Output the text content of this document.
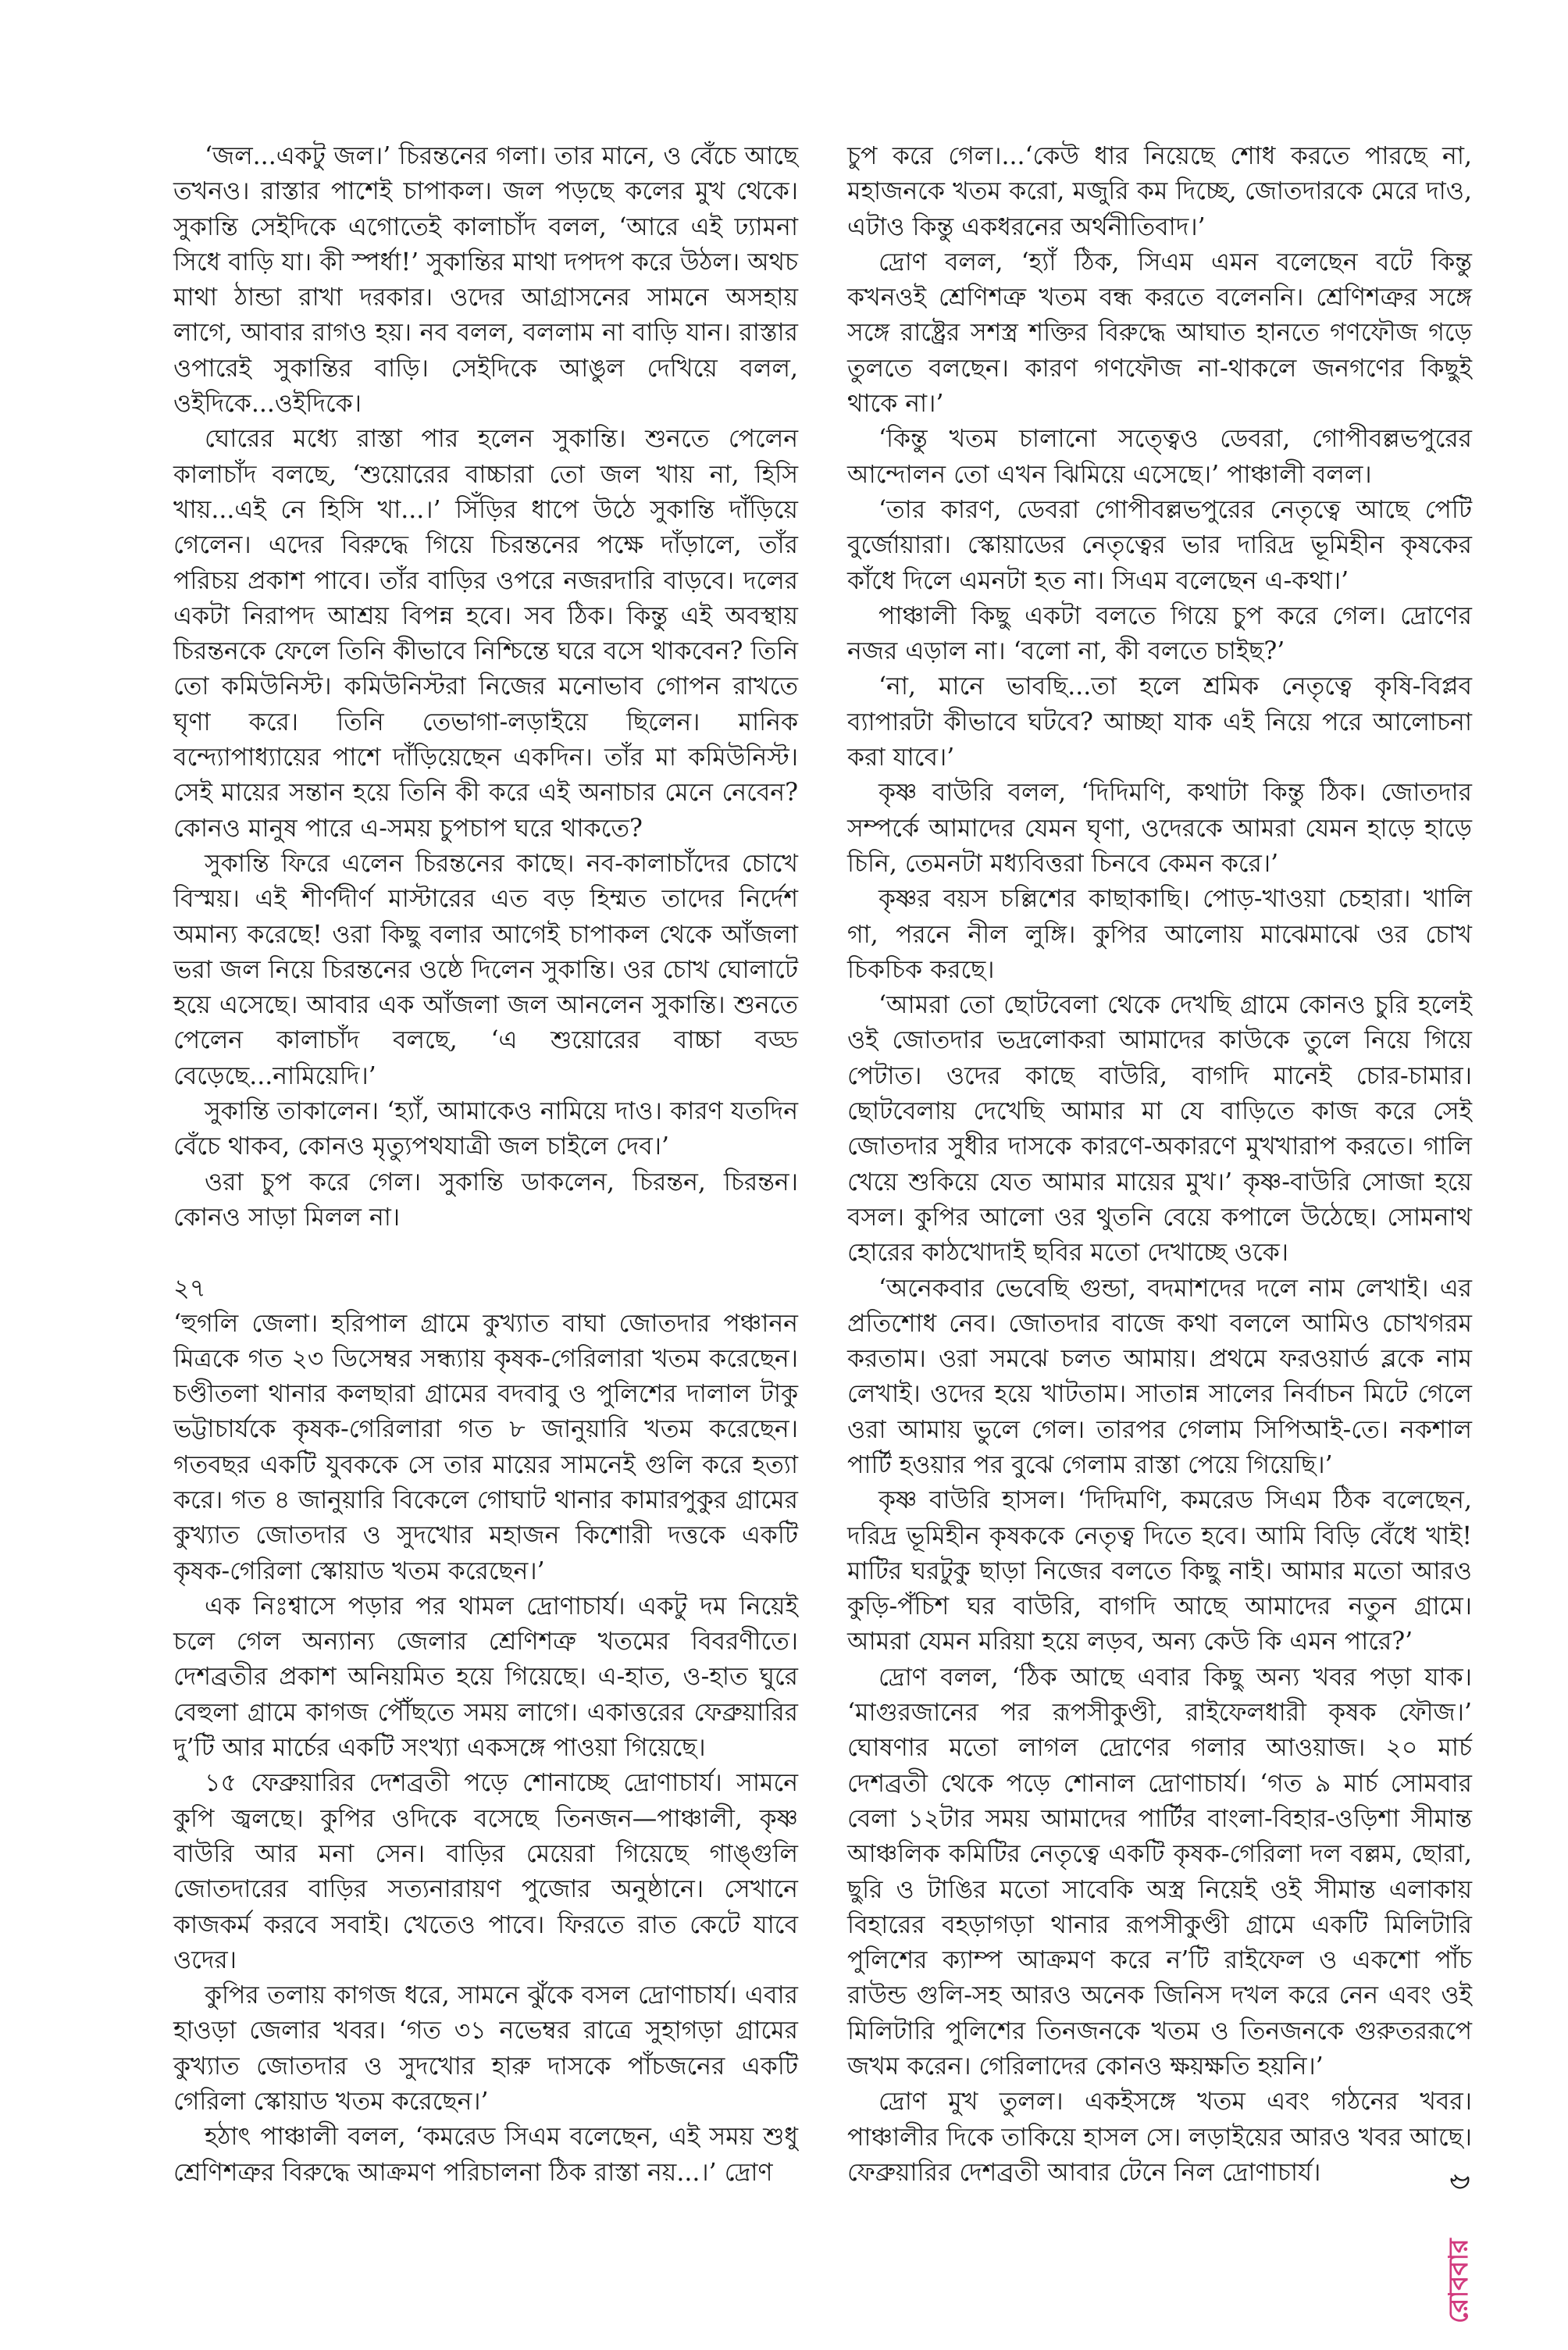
‘জল...একটু জল।’ চিরন্তনের গলা। তার মানে, ও বেঁচে আছে তখনও। রাস্তার পাশেই চাপাকল। জল পড়ছে কলের মুখ থেকে। সুকান্তি সেইদিকে এগোতেই কালাচাঁদ বলল, ‘আরে এই ঢ্যামনা সিধে বাড়ি যা। কী স্পর্ধা!’ সুকান্তির মাথা দপদপ করে উঠল। অথচ মাথা ঠান্ডা রাখা দরকার। ওদের আগ্রাসনের সামনে অসহায় লাগে, আবার রাগও হয়। নব বলল, বললাম না বাড়ি যান। রাস্তার ওপারেই সুকান্তির বাড়ি। সেইদিকে আঙুল দেখিয়ে বলল, ওইদিকে...ওইদিকে।

ঘোরের মধ্যে রাস্তা পার হলেন সুকান্তি। শুনতে পেলেন কালাচাঁদ বলছে, ‘শুয়োরের বাচ্চারা তো জল খায় না, হিসি খায়...এই নে হিসি খা...।’ সিঁড়ির ধাপে উঠে সুকান্তি দাঁড়িয়ে গেলেন। এদের বিরুদ্ধে গিয়ে চিরন্তনের পক্ষে দাঁড়ালে, তাঁর পরিচয় প্রকাশ পাবে। তাঁর বাড়ির ওপরে নজরদারি বাড়বে। দলের একটা নিরাপদ আশ্রয় বিপন্ন হবে। সব ঠিক। কিন্তু এই অবস্থায় চিরন্তনকে ফেলে তিনি কীভাবে নিশ্চিন্তে ঘরে বসে থাকবেন? তিনি তো কমিউনিস্ট। কমিউনিস্টরা নিজের মনোভাব গোপন রাখতে ঘৃণা করে। তিনি তেভাগা-লড়াইয়ে ছিলেন। মানিক বন্দ্যোপাধ্যায়ের পাশে দাঁড়িয়েছেন একদিন। তাঁর মা কমিউনিস্ট। সেই মায়ের সন্তান হয়ে তিনি কী করে এই অনাচার মেনে নেবেন? কোনও মানুষ পারে এ-সময় চুপচাপ ঘরে থাকতে?

সুকান্তি ফিরে এলেন চিরন্তনের কাছে। নব-কালাচাঁদের চোখে বিস্ময়। এই শীর্ণদীর্ণ মাস্টারের এত বড় হিম্মত তাদের নির্দেশ অমান্য করেছে! ওরা কিছু বলার আগেই চাপাকল থেকে আঁজলা ভরা জল নিয়ে চিরন্তনের ওষ্ঠে দিলেন সুকান্তি। ওর চোখ ঘোলাটে হয়ে এসেছে। আবার এক আঁজলা জল আনলেন সুকান্তি। শুনতে পেলেন কালাচাঁদ বলছে, ‘এ শুয়োরের বাচ্চা বড্ড বেড়েছে...নামিয়েদি।’

সুকান্তি তাকালেন। ‘হ্যাঁ, আমাকেও নামিয়ে দাও। কারণ যতদিন বেঁচে থাকব, কোনও মৃত্যুপথযাত্রী জল চাইলে দেব।’

ওরা চুপ করে গেল। সুকান্তি ডাকলেন, চিরন্তন, চিরন্তন। কোনও সাড়া মিলল না।

২৭

‘হুগলি জেলা। হরিপাল গ্রামে কুখ্যাত বাঘা জোতদার পঞ্চানন মিত্রকে গত ২৩ ডিসেম্বর সন্ধ্যায় কৃষক-গেরিলারা খতম করেছেন। চণ্ডীতলা থানার কলছারা গ্রামের বদবাবু ও পুলিশের দালাল টাকু ভট্টাচার্যকে কৃষক-গেরিলারা গত ৮ জানুয়ারি খতম করেছেন। গতবছর একটি যুবককে সে তার মায়ের সামনেই গুলি করে হত্যা করে। গত ৪ জানুয়ারি বিকেলে গোঘাট থানার কামারপুকুর গ্রামের কুখ্যাত জোতদার ও সুদখোর মহাজন কিশোরী দত্তকে একটি কৃষক-গেরিলা স্কোয়াড খতম করেছেন।’

এক নিঃশ্বাসে পড়ার পর থামল দ্রোণাচার্য। একটু দম নিয়েই চলে গেল অন্যান্য জেলার শ্রেণিশত্রু খতমের বিবরণীতে। দেশব্রতীর প্রকাশ অনিয়মিত হয়ে গিয়েছে। এ-হাত, ও-হাত ঘুরে বেহুলা গ্রামে কাগজ পৌঁছতে সময় লাগে। একাত্তরের ফেব্রুয়ারির দু’টি আর মার্চের একটি সংখ্যা একসঙ্গে পাওয়া গিয়েছে।

১৫ ফেব্রুয়ারির দেশব্রতী পড়ে শোনাচ্ছে দ্রোণাচার্য। সামনে কুপি জ্বলছে। কুপির ওদিকে বসেছে তিনজন—পাঞ্চালী, কৃষ্ণ বাউরি আর মনা সেন। বাড়ির মেয়েরা গিয়েছে গাঙ্গুলি জোতদারের বাড়ির সত্যনারায়ণ পুজোর অনুষ্ঠানে। সেখানে কাজকর্ম করবে সবাই। খেতেও পাবে। ফিরতে রাত কেটে যাবে ওদের।

কুপির তলায় কাগজ ধরে, সামনে ঝুঁকে বসল দ্রোণাচার্য। এবার হাওড়া জেলার খবর। ‘গত ৩১ নভেম্বর রাত্রে সুহাগড়া গ্রামের কুখ্যাত জোতদার ও সুদখোর হারু দাসকে পাঁচজনের একটি গেরিলা স্কোয়াড খতম করেছেন।’

হঠাৎ পাঞ্চালী বলল, ‘কমরেড সিএম বলেছেন, এই সময় শুধু শ্রেণিশত্রুর বিরুদ্ধে আক্রমণ পরিচালনা ঠিক রাস্তা নয়...।’ দ্রোণ

চুপ করে গেল।...‘কেউ ধার নিয়েছে শোধ করতে পারছে না, মহাজনকে খতম করো, মজুরি কম দিচ্ছে, জোতদারকে মেরে দাও, এটাও কিন্তু একধরনের অর্থনীতিবাদ।’

দ্রোণ বলল, ‘হ্যাঁ ঠিক, সিএম এমন বলেছেন বটে কিন্তু কখনওই শ্রেণিশত্রু খতম বন্ধ করতে বলেননি। শ্রেণিশত্রুর সঙ্গে সঙ্গে রাষ্ট্রের সশস্ত্র শক্তির বিরুদ্ধে আঘাত হানতে গণফৌজ গড়ে তুলতে বলছেন। কারণ গণফৌজ না-থাকলে জনগণের কিছুই থাকে না।’

‘কিন্তু খতম চালানো সত্ত্বেও ডেবরা, গোপীবল্লভপুরের আন্দোলন তো এখন ঝিমিয়ে এসেছে।’ পাঞ্চালী বলল।

‘তার কারণ, ডেবরা গোপীবল্লভপুরের নেতৃত্বে আছে পেটি বুর্জোয়ারা। স্কোয়াডের নেতৃত্বের ভার দারিদ্র ভূমিহীন কৃষকের কাঁধে দিলে এমনটা হত না। সিএম বলেছেন এ-কথা।’

পাঞ্চালী কিছু একটা বলতে গিয়ে চুপ করে গেল। দ্রোণের নজর এড়াল না। ‘বলো না, কী বলতে চাইছ?’

‘না, মানে ভাবছি...তা হলে শ্রমিক নেতৃত্বে কৃষি-বিপ্লব ব্যাপারটা কীভাবে ঘটবে? আচ্ছা যাক এই নিয়ে পরে আলোচনা করা যাবে।’

কৃষ্ণ বাউরি বলল, ‘দিদিমণি, কথাটা কিন্তু ঠিক। জোতদার সম্পর্কে আমাদের যেমন ঘৃণা, ওদেরকে আমরা যেমন হাড়ে হাড়ে চিনি, তেমনটা মধ্যবিত্তরা চিনবে কেমন করে।’

কৃষ্ণর বয়স চল্লিশের কাছাকাছি। পোড়-খাওয়া চেহারা। খালি গা, পরনে নীল লুঙ্গি। কুপির আলোয় মাঝেমাঝে ওর চোখ চিকচিক করছে।

‘আমরা তো ছোটবেলা থেকে দেখছি গ্রামে কোনও চুরি হলেই ওই জোতদার ভদ্রলোকরা আমাদের কাউকে তুলে নিয়ে গিয়ে পেটাত। ওদের কাছে বাউরি, বাগদি মানেই চোর-চামার। ছোটবেলায় দেখেছি আমার মা যে বাড়িতে কাজ করে সেই জোতদার সুধীর দাসকে কারণে-অকারণে মুখখারাপ করতে। গালি খেয়ে শুকিয়ে যেত আমার মায়ের মুখ।’ কৃষ্ণ-বাউরি সোজা হয়ে বসল। কুপির আলো ওর থুতনি বেয়ে কপালে উঠেছে। সোমনাথ হোরের কাঠখোদাই ছবির মতো দেখাচ্ছে ওকে।

‘অনেকবার ভেবেছি গুন্ডা, বদমাশদের দলে নাম লেখাই। এর প্রতিশোধ নেব। জোতদার বাজে কথা বললে আমিও চোখগরম করতাম। ওরা সমঝে চলত আমায়। প্রথমে ফরওয়ার্ড ব্লকে নাম লেখাই। ওদের হয়ে খাটতাম। সাতান্ন সালের নির্বাচন মিটে গেলে ওরা আমায় ভুলে গেল। তারপর গেলাম সিপিআই-তে। নকশাল পার্টি হওয়ার পর বুঝে গেলাম রাস্তা পেয়ে গিয়েছি।’

কৃষ্ণ বাউরি হাসল। ‘দিদিমণি, কমরেড সিএম ঠিক বলেছেন, দরিদ্র ভূমিহীন কৃষককে নেতৃত্ব দিতে হবে। আমি বিড়ি বেঁধে খাই! মাটির ঘরটুকু ছাড়া নিজের বলতে কিছু নাই। আমার মতো আরও কুড়ি-পঁচিশ ঘর বাউরি, বাগদি আছে আমাদের নতুন গ্রামে। আমরা যেমন মরিয়া হয়ে লড়ব, অন্য কেউ কি এমন পারে?’

দ্রোণ বলল, ‘ঠিক আছে এবার কিছু অন্য খবর পড়া যাক। ‘মাগুরজানের পর রূপসীকুণ্ডী, রাইফেলধারী কৃষক ফৌজ।’ ঘোষণার মতো লাগল দ্রোণের গলার আওয়াজ। ২০ মার্চ দেশব্রতী থেকে পড়ে শোনাল দ্রোণাচার্য। ‘গত ৯ মার্চ সোমবার বেলা ১২টার সময় আমাদের পার্টির বাংলা-বিহার-ওড়িশা সীমান্ত আঞ্চলিক কমিটির নেতৃত্বে একটি কৃষক-গেরিলা দল বল্লম, ছোরা, ছুরি ও টাঙির মতো সাবেকি অস্ত্র নিয়েই ওই সীমান্ত এলাকায় বিহারের বহড়াগড়া থানার রূপসীকুণ্ডী গ্রামে একটি মিলিটারি পুলিশের ক্যাম্প আক্রমণ করে ন’টি রাইফেল ও একশো পাঁচ রাউন্ড গুলি-সহ আরও অনেক জিনিস দখল করে নেন এবং ওই মিলিটারি পুলিশের তিনজনকে খতম ও তিনজনকে গুরুতররূপে জখম করেন। গেরিলাদের কোনও ক্ষয়ক্ষতি হয়নি।’

দ্রোণ মুখ তুলল। একইসঙ্গে খতম এবং গঠনের খবর। পাঞ্চালীর দিকে তাকিয়ে হাসল সে। লড়াইয়ের আরও খবর আছে। ফেব্রুয়ারির দেশব্রতী আবার টেনে নিল দ্রোণাচার্য।

রোববার
৫
